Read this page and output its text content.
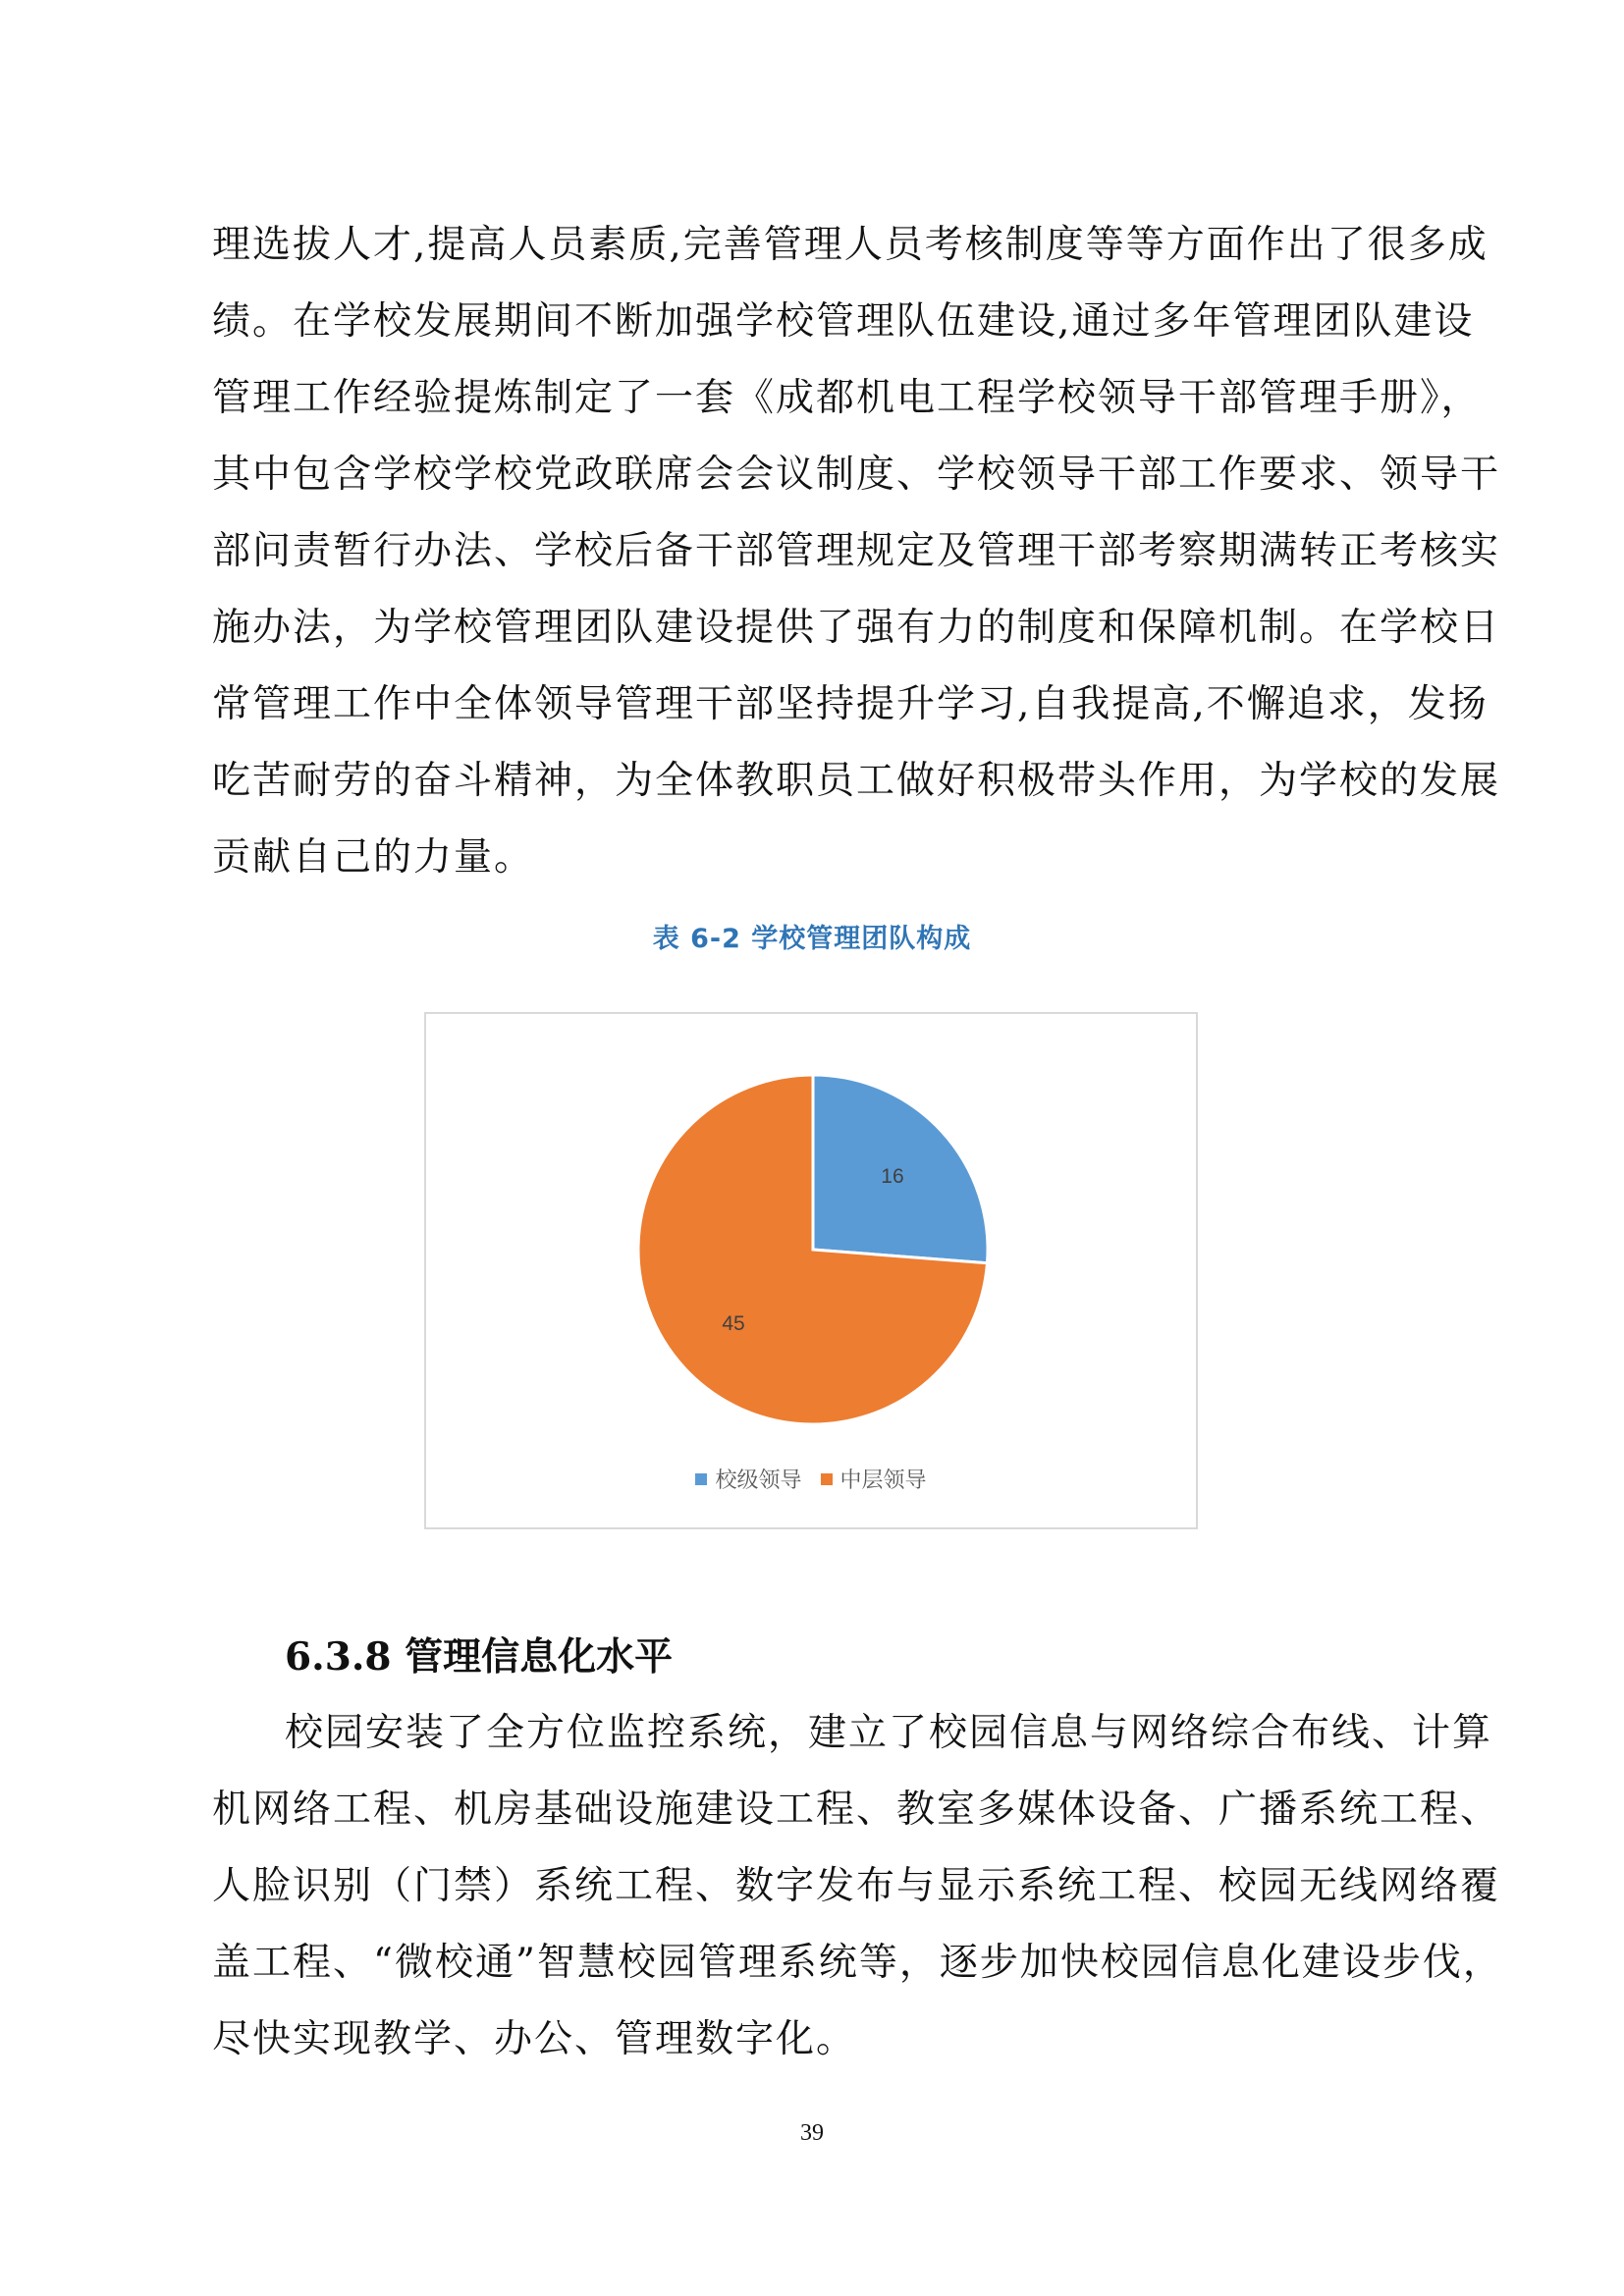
理选拔人才,提高人员素质,完善管理人员考核制度等等方面作出了很多成
绩。在学校发展期间不断加强学校管理队伍建设,通过多年管理团队建设
管理工作经验提炼制定了一套《成都机电工程学校领导干部管理手册》，
其中包含学校学校党政联席会会议制度、学校领导干部工作要求、领导干
部问责暂行办法、学校后备干部管理规定及管理干部考察期满转正考核实
施办法，为学校管理团队建设提供了强有力的制度和保障机制。在学校日
常管理工作中全体领导管理干部坚持提升学习,自我提高,不懈追求，发扬
吃苦耐劳的奋斗精神，为全体教职员工做好积极带头作用，为学校的发展
贡献自己的力量。
表 6-2 学校管理团队构成
16
45
校级领导 中层领导
6.3.8 管理信息化水平
校园安装了全方位监控系统，建立了校园信息与网络综合布线、计算
机网络工程、机房基础设施建设工程、教室多媒体设备、广播系统工程、
人脸识别（门禁）系统工程、数字发布与显示系统工程、校园无线网络覆
盖工程、“微校通”智慧校园管理系统等，逐步加快校园信息化建设步伐，
尽快实现教学、办公、管理数字化。
39
